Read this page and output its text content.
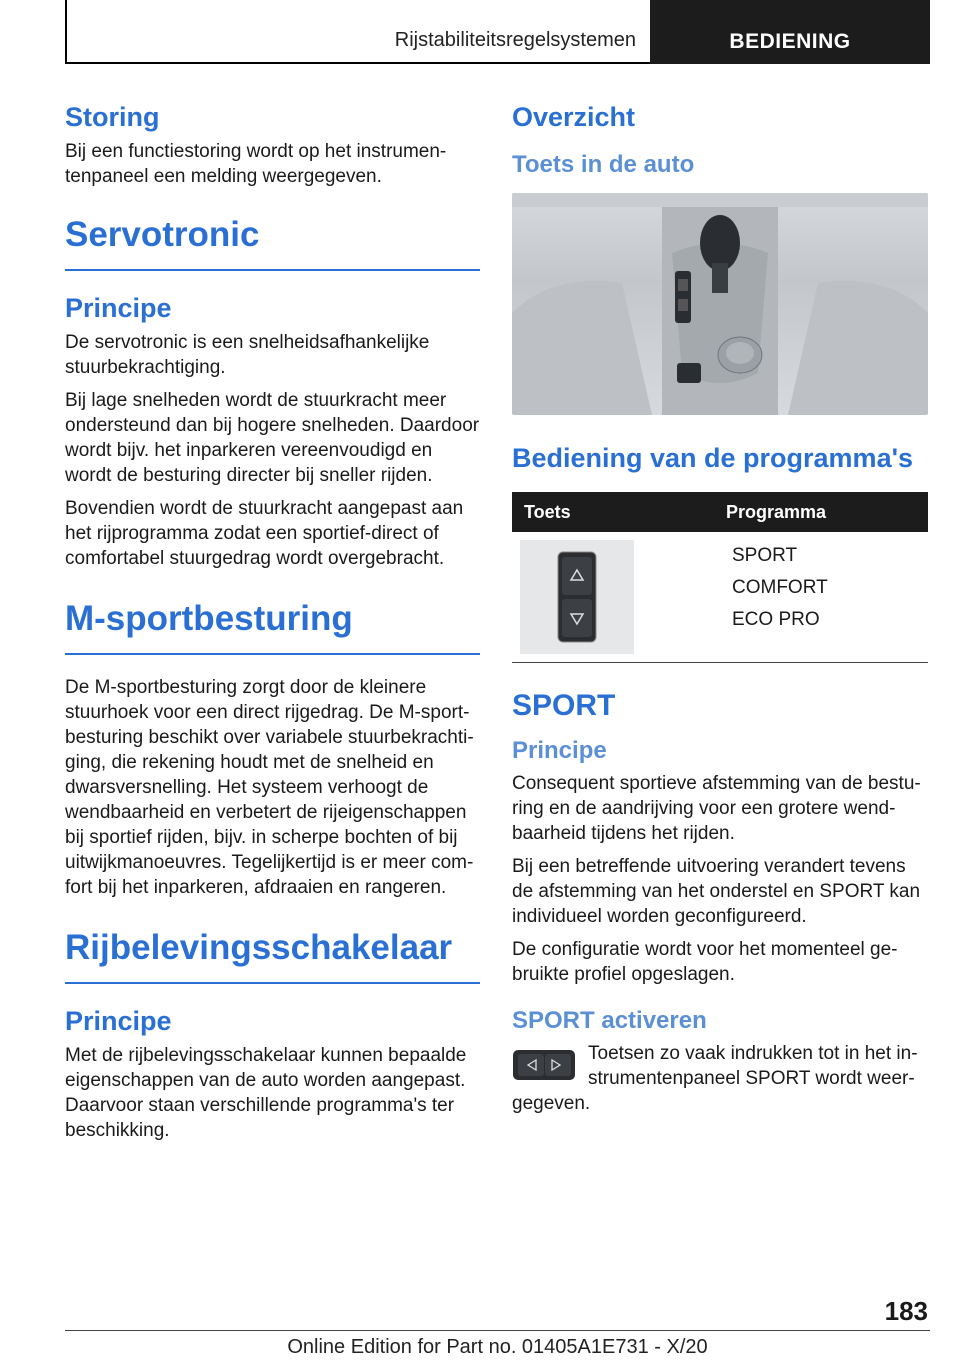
Rijstabiliteitsregelsystemen	BEDIENING
Storing

Bij een functiestoring wordt op het instrumen-tenpaneel een melding weergegeven.

Servotronic
Principe

De servotronic is een snelheidsafhankelijke stuurbekrachtiging.

Bij lage snelheden wordt de stuurkracht meer ondersteund dan bij hogere snelheden. Daardoor wordt bijv. het inparkeren vereenvoudigd en wordt de besturing directer bij sneller rijden.

Bovendien wordt de stuurkracht aangepast aan het rijprogramma zodat een sportief-direct of comfortabel stuurgedrag wordt overgebracht.

M-sportbesturing

De M-sportbesturing zorgt door de kleinere stuurhoek voor een direct rijgedrag. De M-sport-besturing beschikt over variabele stuurbekrachti-ging, die rekening houdt met de snelheid en dwarsversnelling. Het systeem verhoogt de wendbaarheid en verbetert de rijeigenschappen bij sportief rijden, bijv. in scherpe bochten of bij uitwijkmanoeuvres. Tegelijkertijd is er meer com-fort bij het inparkeren, afdraaien en rangeren.

Rijbelevingsschakelaar
Principe

Met de rijbelevingsschakelaar kunnen bepaalde eigenschappen van de auto worden aangepast. Daarvoor staan verschillende programma's ter beschikking.

Overzicht
Toets in de auto
Bediening van de programma's
Toets	Programma

SPORT

COMFORT

ECO PRO

SPORT
Principe

Consequent sportieve afstemming van de bestu-ring en de aandrijving voor een grotere wend-baarheid tijdens het rijden.

Bij een betreffende uitvoering verandert tevens de afstemming van het onderstel en SPORT kan individueel worden geconfigureerd.

De configuratie wordt voor het momenteel ge-bruikte profiel opgeslagen.

SPORT activeren

Toetsen zo vaak indrukken tot in het in-strumentenpaneel SPORT wordt weer-gegeven.

183
Online Edition for Part no. 01405A1E731 - X/20
